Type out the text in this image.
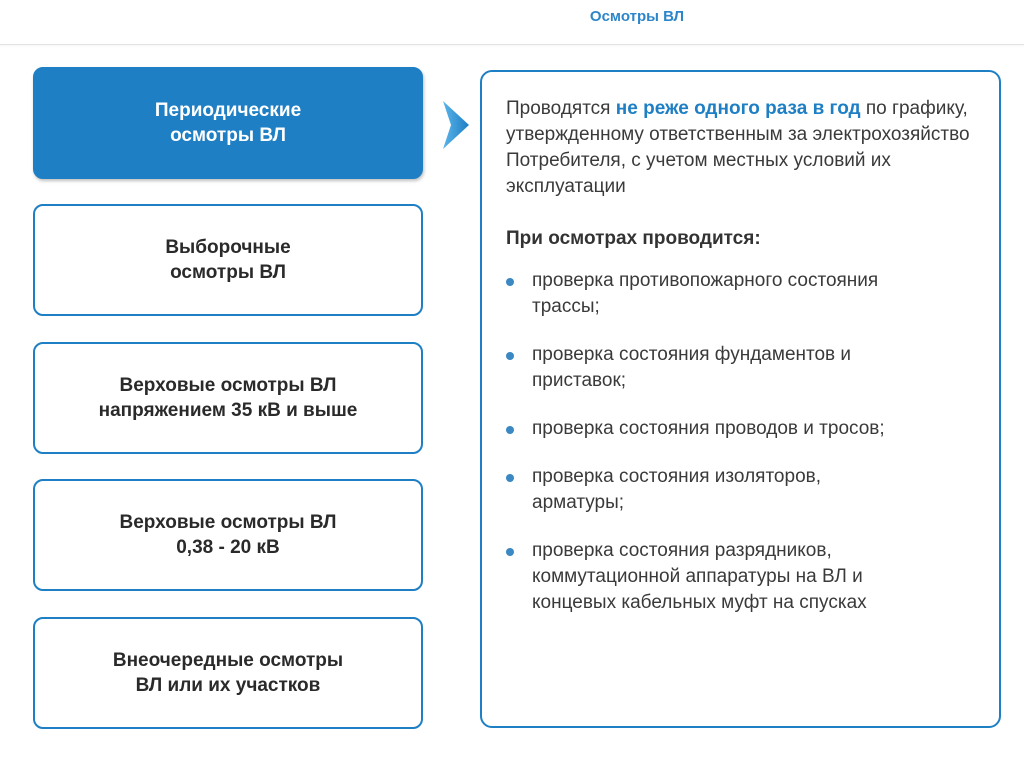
Осмотры ВЛ
Периодические
осмотры ВЛ
Выборочные
осмотры ВЛ
Верховые осмотры ВЛ
напряжением 35 кВ и выше
Верховые осмотры ВЛ
0,38 - 20 кВ
Внеочередные осмотры
ВЛ или их участков

Проводятся не реже одного раза в год по графику, утвержденному ответственным за электрохозяйство Потребителя, с учетом местных условий их эксплуатации

При осмотрах проводится:

проверка противопожарного состояния
трассы;
проверка состояния фундаментов и
приставок;
проверка состояния проводов и тросов;
проверка состояния изоляторов,
арматуры;
проверка состояния разрядников,
коммутационной аппаратуры на ВЛ и
концевых кабельных муфт на спусках
